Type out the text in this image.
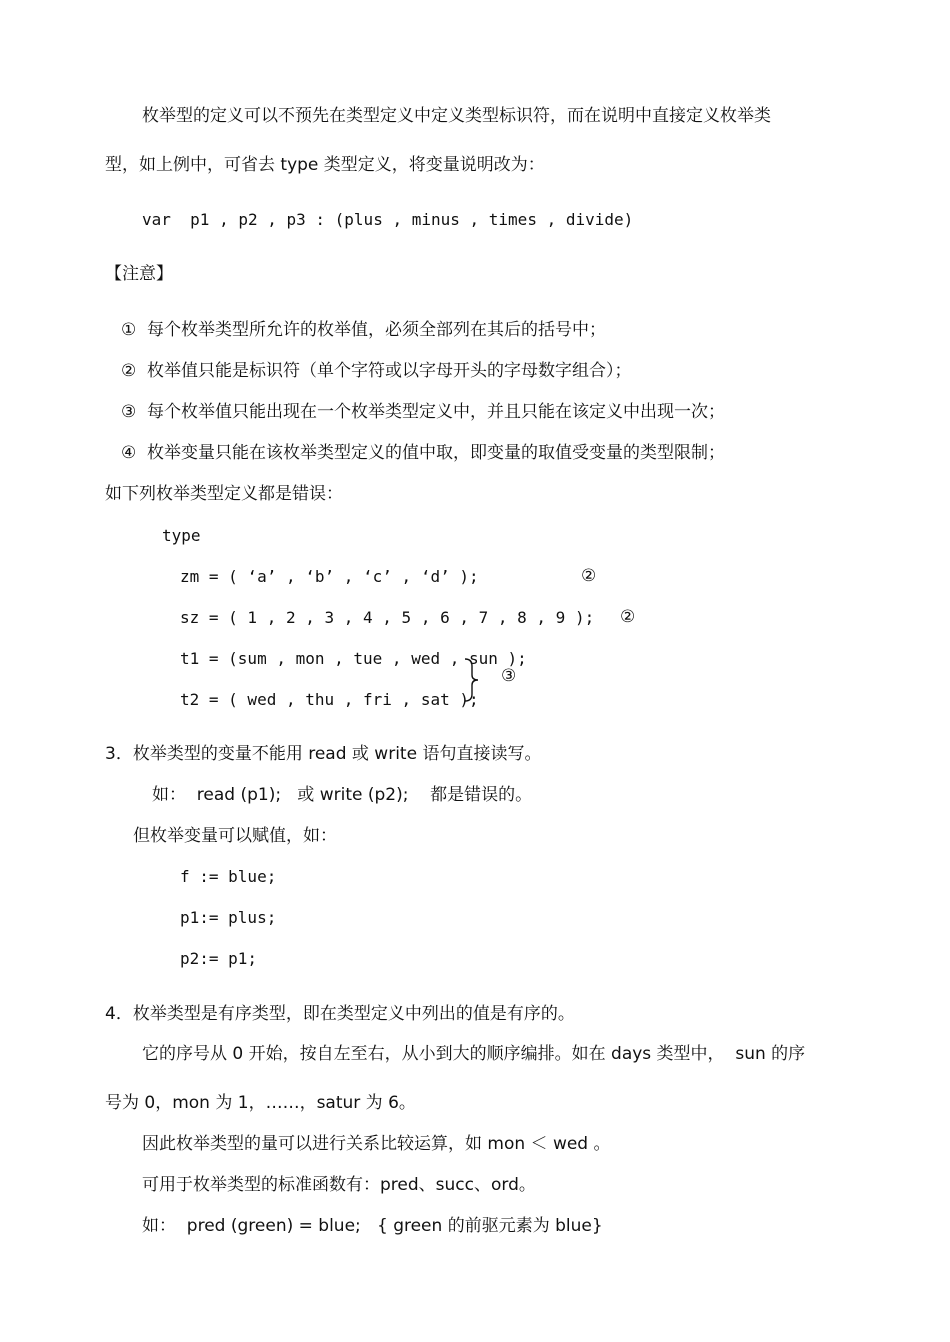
枚举型的定义可以不预先在类型定义中定义类型标识符，而在说明中直接定义枚举类
型，如上例中，可省去 type 类型定义，将变量说明改为：
var  p1 , p2 , p3 : (plus , minus , times , divide)
【注意】
①  每个枚举类型所允许的枚举值，必须全部列在其后的括号中；
②  枚举值只能是标识符（单个字符或以字母开头的字母数字组合）；
③  每个枚举值只能出现在一个枚举类型定义中，并且只能在该定义中出现一次；
④  枚举变量只能在该枚举类型定义的值中取，即变量的取值受变量的类型限制；
如下列枚举类型定义都是错误：
type
zm = ( ‘a’ , ‘b’ , ‘c’ , ‘d’ );	②
sz = ( 1 , 2 , 3 , 4 , 5 , 6 , 7 , 8 , 9 ); ②
t1 = (sum , mon , tue , wed , sun );
t2 = ( wed , thu , fri , sat );
③
3．枚举类型的变量不能用 read 或 write 语句直接读写。
如：  read (p1);   或 write (p2);    都是错误的。
但枚举变量可以赋值，如：
f := blue;
p1:= plus;
p2:= p1;
4．枚举类型是有序类型，即在类型定义中列出的值是有序的。
它的序号从 0 开始，按自左至右，从小到大的顺序编排。如在 days 类型中，  sun 的序
号为 0，mon 为 1，……，satur 为 6。
因此枚举类型的量可以进行关系比较运算，如 mon ＜ wed 。
可用于枚举类型的标准函数有：pred、succ、ord。
如：  pred (green) = blue;   { green 的前驱元素为 blue}
